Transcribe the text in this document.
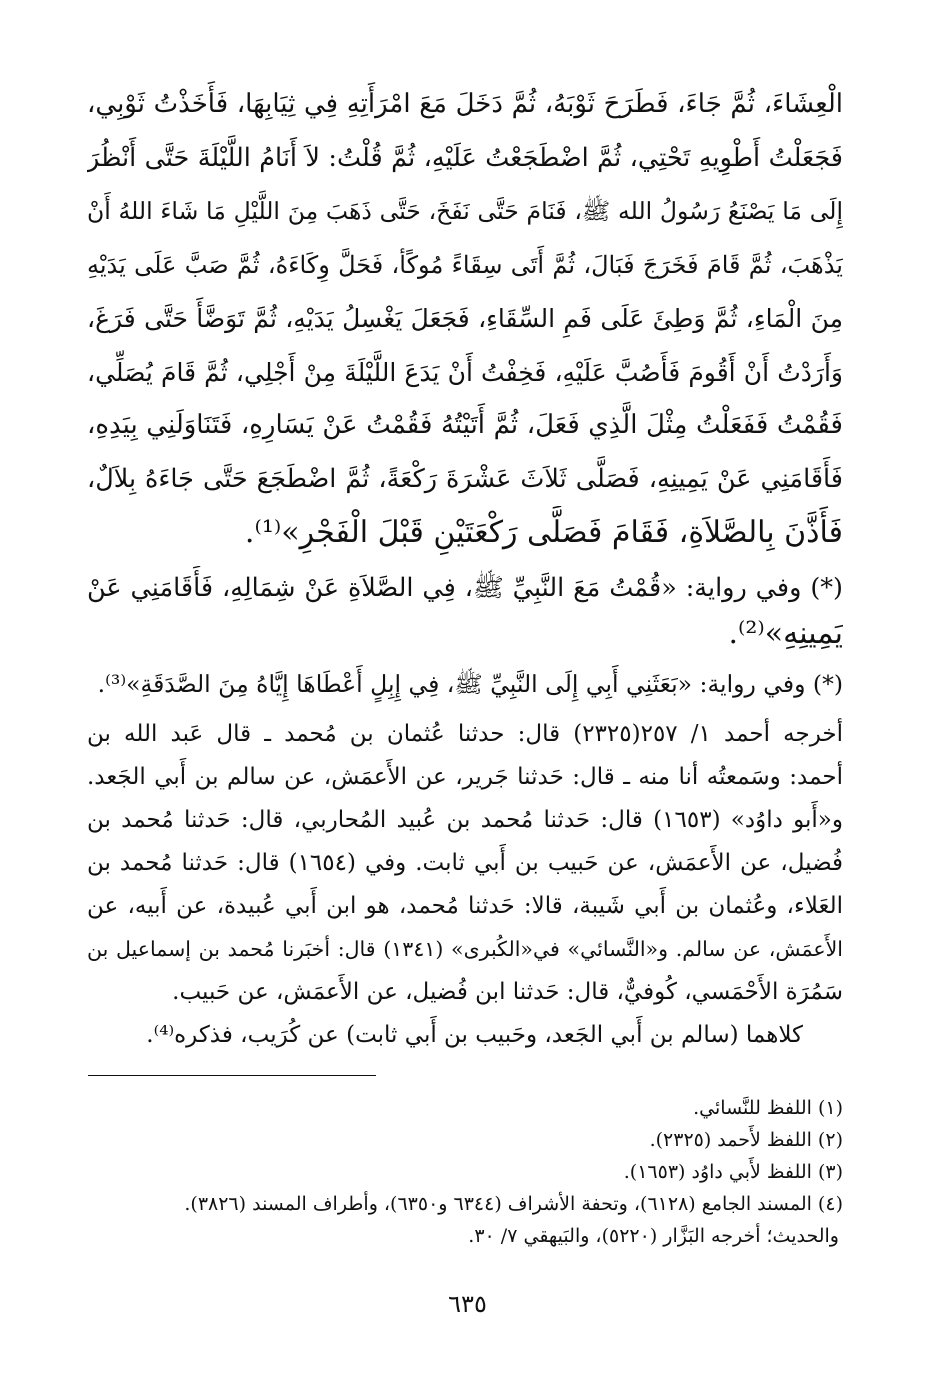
الْعِشَاءَ، ثُمَّ جَاءَ، فَطَرَحَ ثَوْبَهُ، ثُمَّ دَخَلَ مَعَ امْرَأَتِهِ فِي ثِيَابِهَا، فَأَخَذْتُ ثَوْبِي،
فَجَعَلْتُ أَطْوِيهِ تَحْتِي، ثُمَّ اضْطَجَعْتُ عَلَيْهِ، ثُمَّ قُلْتُ: لاَ أَنَامُ اللَّيْلَةَ حَتَّى أَنْظُرَ
إِلَى مَا يَصْنَعُ رَسُولُ الله ﷺ، فَنَامَ حَتَّى نَفَخَ، حَتَّى ذَهَبَ مِنَ اللَّيْلِ مَا شَاءَ اللهُ أَنْ
يَذْهَبَ، ثُمَّ قَامَ فَخَرَجَ فَبَالَ، ثُمَّ أَتَى سِقَاءً مُوكًأ، فَحَلَّ وِكَاءَهُ، ثُمَّ صَبَّ عَلَى يَدَيْهِ
مِنَ الْمَاءِ، ثُمَّ وَطِئَ عَلَى فَمِ السِّقَاءِ، فَجَعَلَ يَغْسِلُ يَدَيْهِ، ثُمَّ تَوَضَّأَ حَتَّى فَرَغَ،
وَأَرَدْتُ أَنْ أَقُومَ فَأَصُبَّ عَلَيْهِ، فَخِفْتُ أَنْ يَدَعَ اللَّيْلَةَ مِنْ أَجْلِي، ثُمَّ قَامَ يُصَلِّي،
فَقُمْتُ فَفَعَلْتُ مِثْلَ الَّذِي فَعَلَ، ثُمَّ أَتَيْتُهُ فَقُمْتُ عَنْ يَسَارِهِ، فَتَنَاوَلَنِي بِيَدِهِ،
فَأَقَامَنِي عَنْ يَمِينِهِ، فَصَلَّى ثَلاَثَ عَشْرَةَ رَكْعَةً، ثُمَّ اضْطَجَعَ حَتَّى جَاءَهُ بِلاَلٌ،
فَأَذَّنَ بِالصَّلاَةِ، فَقَامَ فَصَلَّى رَكْعَتَيْنِ قَبْلَ الْفَجْرِ»⁽¹⁾.
(*) وفي رواية: «قُمْتُ مَعَ النَّبِيِّ ﷺ، فِي الصَّلاَةِ عَنْ شِمَالِهِ، فَأَقَامَنِي عَنْ
يَمِينِهِ»⁽²⁾.
(*) وفي رواية: «بَعَثَنِي أَبِي إِلَى النَّبِيِّ ﷺ، فِي إِبِلٍ أَعْطَاهَا إِيَّاهُ مِنَ الصَّدَقَةِ»⁽³⁾.
أخرجه أحمد ١/ ٢٥٧(٢٣٢٥) قال: حدثنا عُثمان بن مُحمد ـ قال عَبد الله بن
أحمد: وسَمعتُه أنا منه ـ قال: حَدثنا جَرير، عن الأَعمَش، عن سالم بن أَبي الجَعد.
و«أَبو داوُد» (١٦٥٣) قال: حَدثنا مُحمد بن عُبيد المُحاربي، قال: حَدثنا مُحمد بن
فُضيل، عن الأَعمَش، عن حَبيب بن أَبي ثابت. وفي (١٦٥٤) قال: حَدثنا مُحمد بن
العَلاء، وعُثمان بن أَبي شَيبة، قالا: حَدثنا مُحمد، هو ابن أَبي عُبيدة، عن أَبيه، عن
الأَعمَش، عن سالم. و«النَّسائي» في«الكُبرى» (١٣٤١) قال: أخبَرنا مُحمد بن إسماعيل بن
سَمُرَة الأَحْمَسي، كُوفيٌّ، قال: حَدثنا ابن فُضيل، عن الأَعمَش، عن حَبيب.
كلاهما (سالم بن أَبي الجَعد، وحَبيب بن أَبي ثابت) عن كُرَيب، فذكره⁽⁴⁾.
(١) اللفظ للنَّسائي.
(٢) اللفظ لأَحمد (٢٣٢٥).
(٣) اللفظ لأَبي داوُد (١٦٥٣).
(٤) المسند الجامع (٦١٢٨)، وتحفة الأشراف (٦٣٤٤ و٦٣٥٠)، وأطراف المسند (٣٨٢٦).
والحديث؛ أخرجه البَزَّار (٥٢٢٠)، والبَيهقي ٧/ ٣٠.
٦٣٥
